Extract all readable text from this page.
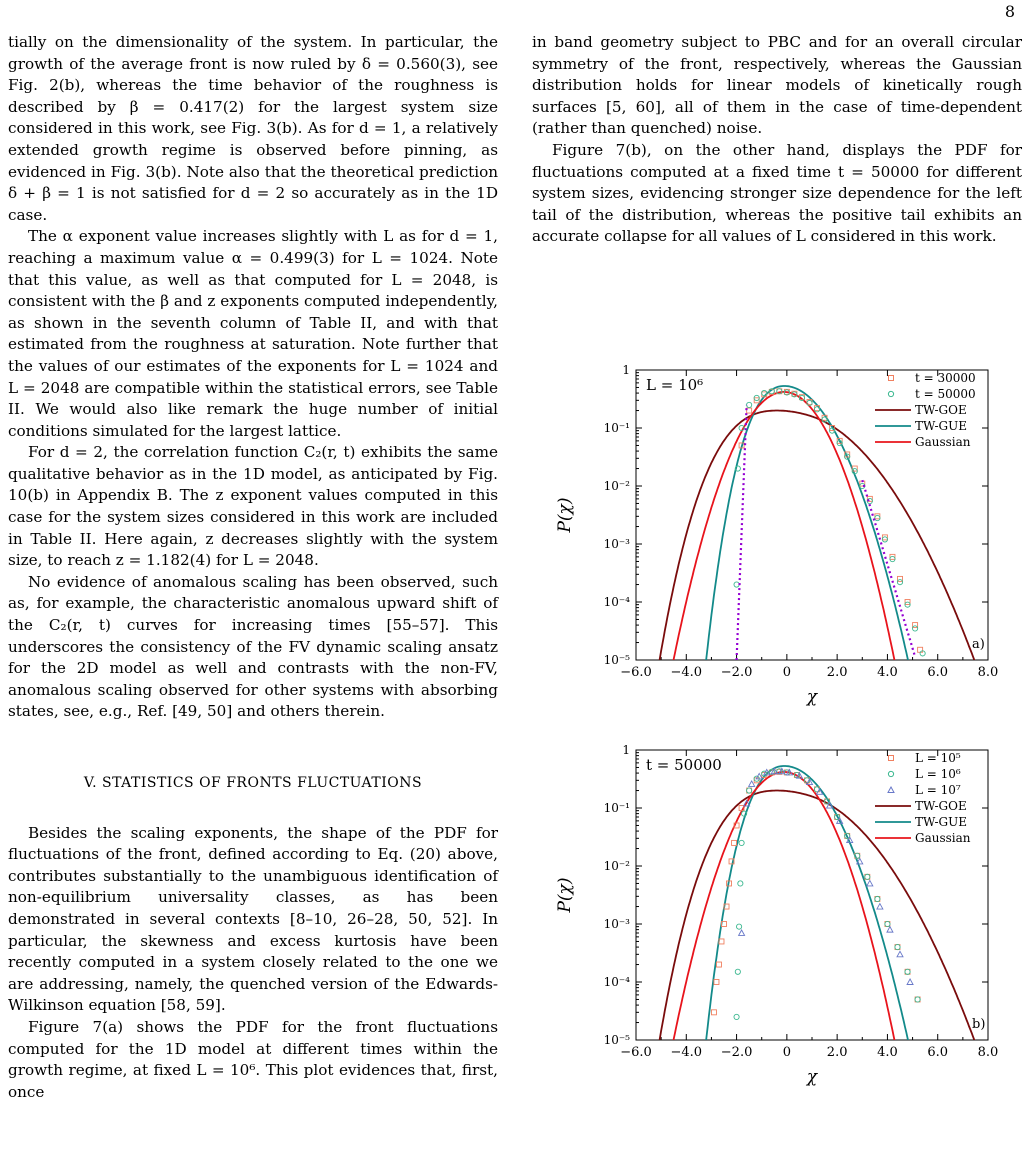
8

tially on the dimensionality of the system. In particular, the growth of the average front is now ruled by δ = 0.560(3), see Fig. 2(b), whereas the time behavior of the roughness is described by β = 0.417(2) for the largest system size considered in this work, see Fig. 3(b). As for d = 1, a relatively extended growth regime is observed before pinning, as evidenced in Fig. 3(b). Note also that the theoretical prediction δ + β = 1 is not satisfied for d = 2 so accurately as in the 1D case.

The α exponent value increases slightly with L as for d = 1, reaching a maximum value α = 0.499(3) for L = 1024. Note that this value, as well as that computed for L = 2048, is consistent with the β and z exponents computed independently, as shown in the seventh column of Table II, and with that estimated from the roughness at saturation. Note further that the values of our estimates of the exponents for L = 1024 and L = 2048 are compatible within the statistical errors, see Table II. We would also like remark the huge number of initial conditions simulated for the largest lattice.

For d = 2, the correlation function C₂(r, t) exhibits the same qualitative behavior as in the 1D model, as anticipated by Fig. 10(b) in Appendix B. The z exponent values computed in this case for the system sizes considered in this work are included in Table II. Here again, z decreases slightly with the system size, to reach z = 1.182(4) for L = 2048.

No evidence of anomalous scaling has been observed, such as, for example, the characteristic anomalous upward shift of the C₂(r, t) curves for increasing times [55–57]. This underscores the consistency of the FV dynamic scaling ansatz for the 2D model as well and contrasts with the non-FV, anomalous scaling observed for other systems with absorbing states, see, e.g., Ref. [49, 50] and others therein.

V. STATISTICS OF FRONTS FLUCTUATIONS

Besides the scaling exponents, the shape of the PDF for fluctuations of the front, defined according to Eq. (20) above, contributes substantially to the unambiguous identification of non-equilibrium universality classes, as has been demonstrated in several contexts [8–10, 26–28, 50, 52]. In particular, the skewness and excess kurtosis have been recently computed in a system closely related to the one we are addressing, namely, the quenched version of the Edwards-Wilkinson equation [58, 59].

Figure 7(a) shows the PDF for the front fluctuations computed for the 1D model at different times within the growth regime, at fixed L = 10⁶. This plot evidences that, first, once

in band geometry subject to PBC and for an overall circular symmetry of the front, respectively, whereas the Gaussian distribution holds for linear models of kinetically rough surfaces [5, 60], all of them in the case of time-dependent (rather than quenched) noise.

Figure 7(b), on the other hand, displays the PDF for fluctuations computed at a fixed time t = 50000 for different system sizes, evidencing stronger size dependence for the left tail of the distribution, whereas the positive tail exhibits an accurate collapse for all values of L considered in this work.

−6.0 −4.0 −2.0 0	2.0 4.0 6.0 8.0
10⁻⁵
10⁻⁴
10⁻³
10⁻²
10⁻¹
1
χ
P(χ)
L = 10⁶
a)
t = 30000
t = 50000
TW-GOE
TW-GUE
Gaussian
−6.0 −4.0 −2.0 0	2.0 4.0 6.0 8.0
10⁻⁵
10⁻⁴
10⁻³
10⁻²
10⁻¹
1
χ
P(χ)
t = 50000
b)
L = 10⁵
L = 10⁶
L = 10⁷
TW-GOE
TW-GUE
Gaussian
